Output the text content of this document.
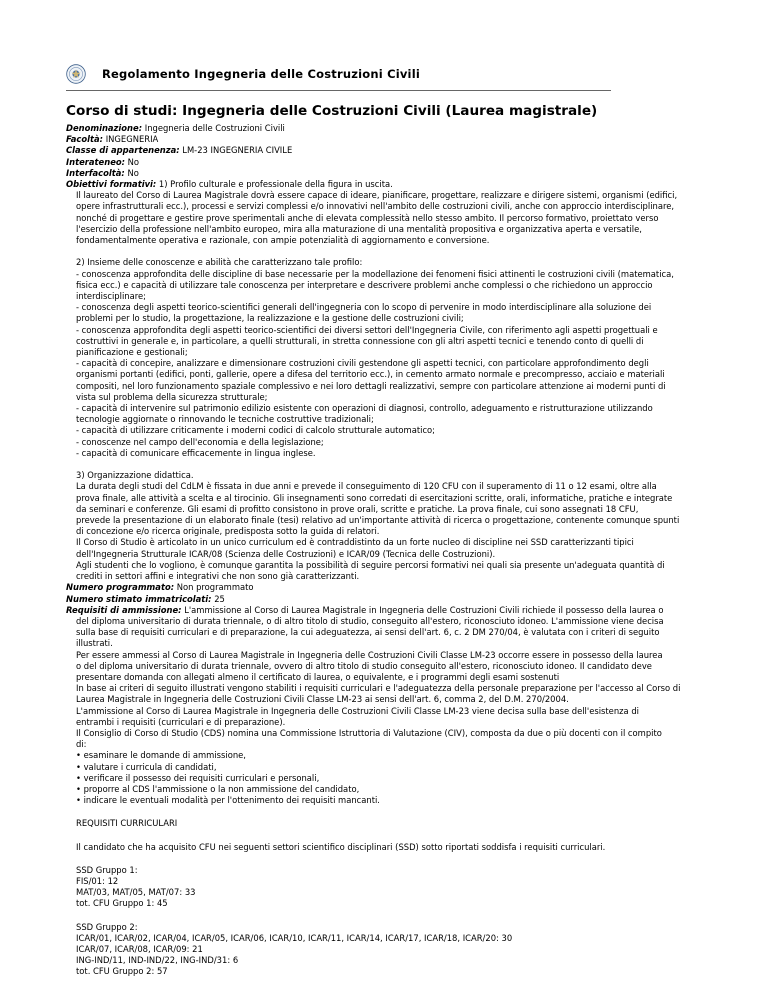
Regolamento Ingegneria delle Costruzioni Civili
Corso di studi: Ingegneria delle Costruzioni Civili (Laurea magistrale)

Denominazione: Ingegneria delle Costruzioni Civili

Facoltà: INGEGNERIA

Classe di appartenenza: LM-23 INGEGNERIA CIVILE

Interateneo: No

Interfacoltà: No

Obiettivi formativi: 1) Profilo culturale e professionale della figura in uscita.

Il laureato del Corso di Laurea Magistrale dovrà essere capace di ideare, pianificare, progettare, realizzare e dirigere sistemi, organismi (edifici,

opere infrastrutturali ecc.), processi e servizi complessi e/o innovativi nell'ambito delle costruzioni civili, anche con approccio interdisciplinare,

nonché di progettare e gestire prove sperimentali anche di elevata complessità nello stesso ambito. Il percorso formativo, proiettato verso

l'esercizio della professione nell'ambito europeo, mira alla maturazione di una mentalità propositiva e organizzativa aperta e versatile,

fondamentalmente operativa e razionale, con ampie potenzialità di aggiornamento e conversione.

2) Insieme delle conoscenze e abilità che caratterizzano tale profilo:

- conoscenza approfondita delle discipline di base necessarie per la modellazione dei fenomeni fisici attinenti le costruzioni civili (matematica,

fisica ecc.) e capacità di utilizzare tale conoscenza per interpretare e descrivere problemi anche complessi o che richiedono un approccio

interdisciplinare;

- conoscenza degli aspetti teorico-scientifici generali dell'ingegneria con lo scopo di pervenire in modo interdisciplinare alla soluzione dei

problemi per lo studio, la progettazione, la realizzazione e la gestione delle costruzioni civili;

- conoscenza approfondita degli aspetti teorico-scientifici dei diversi settori dell'Ingegneria Civile, con riferimento agli aspetti progettuali e

costruttivi in generale e, in particolare, a quelli strutturali, in stretta connessione con gli altri aspetti tecnici e tenendo conto di quelli di

pianificazione e gestionali;

- capacità di concepire, analizzare e dimensionare costruzioni civili gestendone gli aspetti tecnici, con particolare approfondimento degli

organismi portanti (edifici, ponti, gallerie, opere a difesa del territorio ecc.), in cemento armato normale e precompresso, acciaio e materiali

compositi, nel loro funzionamento spaziale complessivo e nei loro dettagli realizzativi, sempre con particolare attenzione ai moderni punti di

vista sul problema della sicurezza strutturale;

- capacità di intervenire sul patrimonio edilizio esistente con operazioni di diagnosi, controllo, adeguamento e ristrutturazione utilizzando

tecnologie aggiornate o rinnovando le tecniche costruttive tradizionali;

- capacità di utilizzare criticamente i moderni codici di calcolo strutturale automatico;

- conoscenze nel campo dell'economia e della legislazione;

- capacità di comunicare efficacemente in lingua inglese.

3) Organizzazione didattica.

La durata degli studi del CdLM è fissata in due anni e prevede il conseguimento di 120 CFU con il superamento di 11 o 12 esami, oltre alla

prova finale, alle attività a scelta e al tirocinio. Gli insegnamenti sono corredati di esercitazioni scritte, orali, informatiche, pratiche e integrate

da seminari e conferenze. Gli esami di profitto consistono in prove orali, scritte e pratiche. La prova finale, cui sono assegnati 18 CFU,

prevede la presentazione di un elaborato finale (tesi) relativo ad un'importante attività di ricerca o progettazione, contenente comunque spunti

di concezione e/o ricerca originale, predisposta sotto la guida di relatori.

Il Corso di Studio è articolato in un unico curriculum ed è contraddistinto da un forte nucleo di discipline nei SSD caratterizzanti tipici

dell'Ingegneria Strutturale ICAR/08 (Scienza delle Costruzioni) e ICAR/09 (Tecnica delle Costruzioni).

Agli studenti che lo vogliono, è comunque garantita la possibilità di seguire percorsi formativi nei quali sia presente un'adeguata quantità di

crediti in settori affini e integrativi che non sono già caratterizzanti.

Numero programmato: Non programmato

Numero stimato immatricolati: 25

Requisiti di ammissione: L'ammissione al Corso di Laurea Magistrale in Ingegneria delle Costruzioni Civili richiede il possesso della laurea o

del diploma universitario di durata triennale, o di altro titolo di studio, conseguito all'estero, riconosciuto idoneo. L'ammissione viene decisa

sulla base di requisiti curriculari e di preparazione, la cui adeguatezza, ai sensi dell'art. 6, c. 2 DM 270/04, è valutata con i criteri di seguito

illustrati.

Per essere ammessi al Corso di Laurea Magistrale in Ingegneria delle Costruzioni Civili Classe LM-23 occorre essere in possesso della laurea

o del diploma universitario di durata triennale, ovvero di altro titolo di studio conseguito all'estero, riconosciuto idoneo. Il candidato deve

presentare domanda con allegati almeno il certificato di laurea, o equivalente, e i programmi degli esami sostenuti

In base ai criteri di seguito illustrati vengono stabiliti i requisiti curriculari e l'adeguatezza della personale preparazione per l'accesso al Corso di

Laurea Magistrale in Ingegneria delle Costruzioni Civili Classe LM-23 ai sensi dell'art. 6, comma 2, del D.M. 270/2004.

L'ammissione al Corso di Laurea Magistrale in Ingegneria delle Costruzioni Civili Classe LM-23 viene decisa sulla base dell'esistenza di

entrambi i requisiti (curriculari e di preparazione).

Il Consiglio di Corso di Studio (CDS) nomina una Commissione Istruttoria di Valutazione (CIV), composta da due o più docenti con il compito

di:

• esaminare le domande di ammissione,

• valutare i curricula di candidati,

• verificare il possesso dei requisiti curriculari e personali,

• proporre al CDS l'ammissione o la non ammissione del candidato,

• indicare le eventuali modalità per l'ottenimento dei requisiti mancanti.

REQUISITI CURRICULARI

Il candidato che ha acquisito CFU nei seguenti settori scientifico disciplinari (SSD) sotto riportati soddisfa i requisiti curriculari.

SSD Gruppo 1:

FIS/01: 12

MAT/03, MAT/05, MAT/07: 33

tot. CFU Gruppo 1: 45

SSD Gruppo 2:

ICAR/01, ICAR/02, ICAR/04, ICAR/05, ICAR/06, ICAR/10, ICAR/11, ICAR/14, ICAR/17, ICAR/18, ICAR/20: 30

ICAR/07, ICAR/08, ICAR/09: 21

ING-IND/11, IND-IND/22, ING-IND/31: 6

tot. CFU Gruppo 2: 57
